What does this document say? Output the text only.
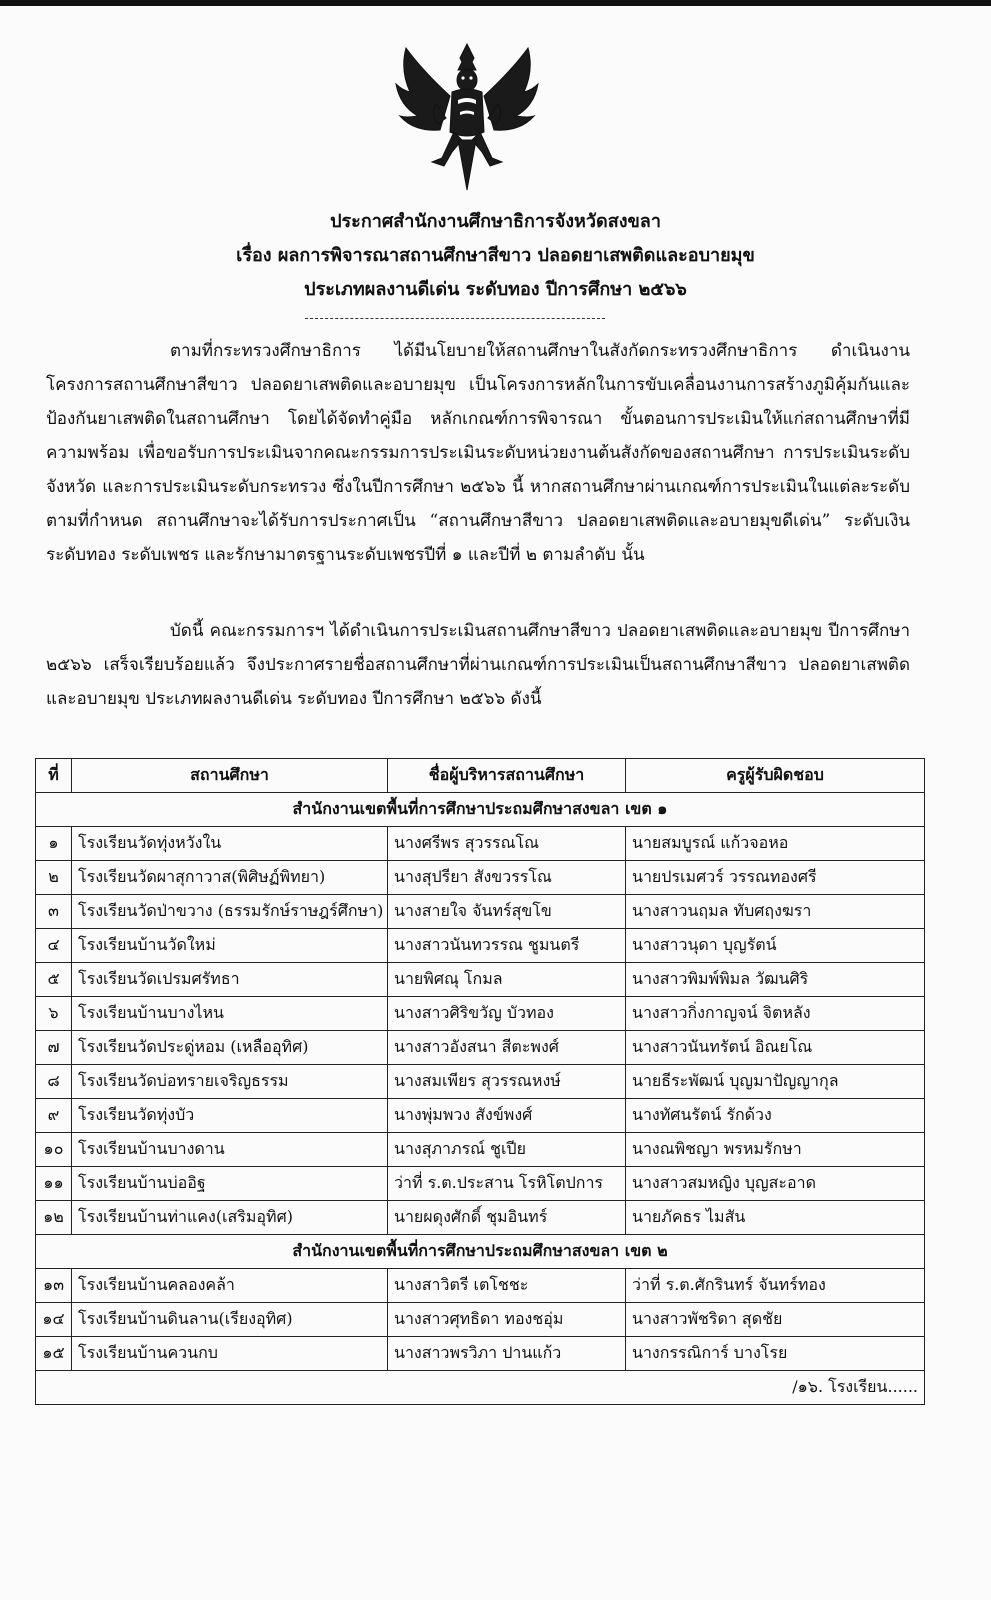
ประกาศสำนักงานศึกษาธิการจังหวัดสงขลา
เรื่อง ผลการพิจารณาสถานศึกษาสีขาว ปลอดยาเสพติดและอบายมุข
ประเภทผลงานดีเด่น ระดับทอง ปีการศึกษา ๒๕๖๖

ตามที่กระทรวงศึกษาธิการ ได้มีนโยบายให้สถานศึกษาในสังกัดกระทรวงศึกษาธิการ ดำเนินงานโครงการสถานศึกษาสีขาว ปลอดยาเสพติดและอบายมุข เป็นโครงการหลักในการขับเคลื่อนงานการสร้างภูมิคุ้มกันและป้องกันยาเสพติดในสถานศึกษา โดยได้จัดทำคู่มือ หลักเกณฑ์การพิจารณา ขั้นตอนการประเมินให้แก่สถานศึกษาที่มีความพร้อม เพื่อขอรับการประเมินจากคณะกรรมการประเมินระดับหน่วยงานต้นสังกัดของสถานศึกษา การประเมินระดับจังหวัด และการประเมินระดับกระทรวง ซึ่งในปีการศึกษา ๒๕๖๖ นี้ หากสถานศึกษาผ่านเกณฑ์การประเมินในแต่ละระดับตามที่กำหนด สถานศึกษาจะได้รับการประกาศเป็น “สถานศึกษาสีขาว ปลอดยาเสพติดและอบายมุขดีเด่น” ระดับเงิน ระดับทอง ระดับเพชร และรักษามาตรฐานระดับเพชรปีที่ ๑ และปีที่ ๒ ตามลำดับ นั้น

บัดนี้ คณะกรรมการฯ ได้ดำเนินการประเมินสถานศึกษาสีขาว ปลอดยาเสพติดและอบายมุข ปีการศึกษา ๒๕๖๖ เสร็จเรียบร้อยแล้ว จึงประกาศรายชื่อสถานศึกษาที่ผ่านเกณฑ์การประเมินเป็นสถานศึกษาสีขาว ปลอดยาเสพติดและอบายมุข ประเภทผลงานดีเด่น ระดับทอง ปีการศึกษา ๒๕๖๖ ดังนี้

ที่	สถานศึกษา	ชื่อผู้บริหารสถานศึกษา	ครูผู้รับผิดชอบ
สำนักงานเขตพื้นที่การศึกษาประถมศึกษาสงขลา เขต ๑			
๑	โรงเรียนวัดทุ่งหวังใน	นางศรีพร สุวรรณโณ	นายสมบูรณ์ แก้วจอหอ
๒	โรงเรียนวัดผาสุกาวาส(พิศิษฏ์พิทยา)	นางสุปรียา สังขวรรโณ	นายปรเมศวร์ วรรณทองศรี
๓	โรงเรียนวัดป่าขวาง (ธรรมรักษ์ราษฎร์ศึกษา)	นางสายใจ จันทร์สุขโข	นางสาวนฤมล ทับศฤงฆรา
๔	โรงเรียนบ้านวัดใหม่	นางสาวนันทวรรณ ชูมนตรี	นางสาวนุดา บุญรัตน์
๕	โรงเรียนวัดเปรมศรัทธา	นายพิศณุ โกมล	นางสาวพิมพ์พิมล วัฒนศิริ
๖	โรงเรียนบ้านบางไหน	นางสาวศิริขวัญ บัวทอง	นางสาวกิ่งกาญจน์ จิตหลัง
๗	โรงเรียนวัดประดู่หอม (เหลืออุทิศ)	นางสาวอังสนา สีตะพงศ์	นางสาวนันทรัตน์ อิณยโณ
๘	โรงเรียนวัดบ่อทรายเจริญธรรม	นางสมเพียร สุวรรณหงษ์	นายธีระพัฒน์ บุญมาปัญญากุล
๙	โรงเรียนวัดทุ่งบัว	นางพุ่มพวง สังข์พงศ์	นางทัศนรัตน์ รักด้วง
๑๐	โรงเรียนบ้านบางดาน	นางสุภาภรณ์ ชูเปีย	นางณพิชญา พรหมรักษา
๑๑	โรงเรียนบ้านบ่ออิฐ	ว่าที่ ร.ต.ประสาน โรหิโตปการ	นางสาวสมหญิง บุญสะอาด
๑๒	โรงเรียนบ้านท่าแคง(เสริมอุทิศ)	นายผดุงศักดิ์ ชุมอินทร์	นายภัคธร ไมสัน
สำนักงานเขตพื้นที่การศึกษาประถมศึกษาสงขลา เขต ๒			
๑๓	โรงเรียนบ้านคลองคล้า	นางสาวิตรี เตโชชะ	ว่าที่ ร.ต.ศักรินทร์ จันทร์ทอง
๑๔	โรงเรียนบ้านดินลาน(เรียงอุทิศ)	นางสาวศุทธิดา ทองชอุ่ม	นางสาวพัชริดา สุดชัย
๑๕	โรงเรียนบ้านควนกบ	นางสาวพรวิภา ปานแก้ว	นางกรรณิการ์ บางโรย
/๑๖. โรงเรียน......			
